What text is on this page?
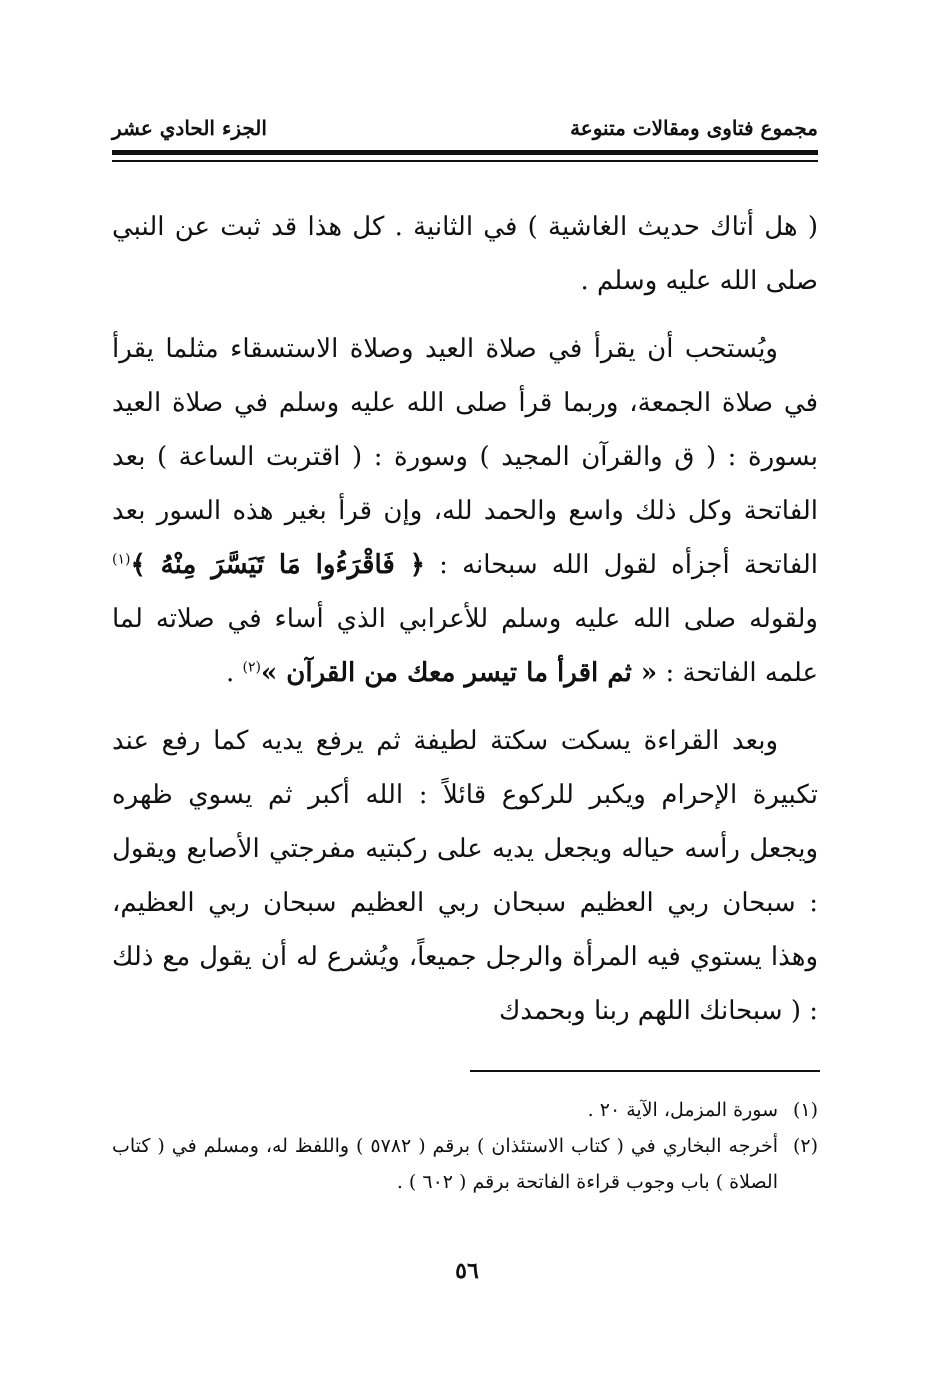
مجموع فتاوى ومقالات متنوعة
الجزء الحادي عشر

( هل أتاك حديث الغاشية ) في الثانية . كل هذا قد ثبت عن النبي صلى الله عليه وسلم .

ويُستحب أن يقرأ في صلاة العيد وصلاة الاستسقاء مثلما يقرأ في صلاة الجمعة، وربما قرأ صلى الله عليه وسلم في صلاة العيد بسورة : ( ق والقرآن المجيد ) وسورة : ( اقتربت الساعة ) بعد الفاتحة وكل ذلك واسع والحمد لله، وإن قرأ بغير هذه السور بعد الفاتحة أجزأه لقول الله سبحانه : ﴿ فَاقْرَءُوا مَا تَيَسَّرَ مِنْهُ ﴾$^{(١)}$ ولقوله صلى الله عليه وسلم للأعرابي الذي أساء في صلاته لما علمه الفاتحة : « ثم اقرأ ما تيسر معك من القرآن »$^{(٢)}$ .

وبعد القراءة يسكت سكتة لطيفة ثم يرفع يديه كما رفع عند تكبيرة الإحرام ويكبر للركوع قائلاً : الله أكبر ثم يسوي ظهره ويجعل رأسه حياله ويجعل يديه على ركبتيه مفرجتي الأصابع ويقول : سبحان ربي العظيم سبحان ربي العظيم سبحان ربي العظيم، وهذا يستوي فيه المرأة والرجل جميعاً، ويُشرع له أن يقول مع ذلك : ( سبحانك اللهم ربنا وبحمدك

(١)
سورة المزمل، الآية ٢٠ .
(٢)
أخرجه البخاري في ( كتاب الاستئذان ) برقم ( ٥٧٨٢ ) واللفظ له، ومسلم في ( كتاب الصلاة ) باب وجوب قراءة الفاتحة برقم ( ٦٠٢ ) .
٥٦
